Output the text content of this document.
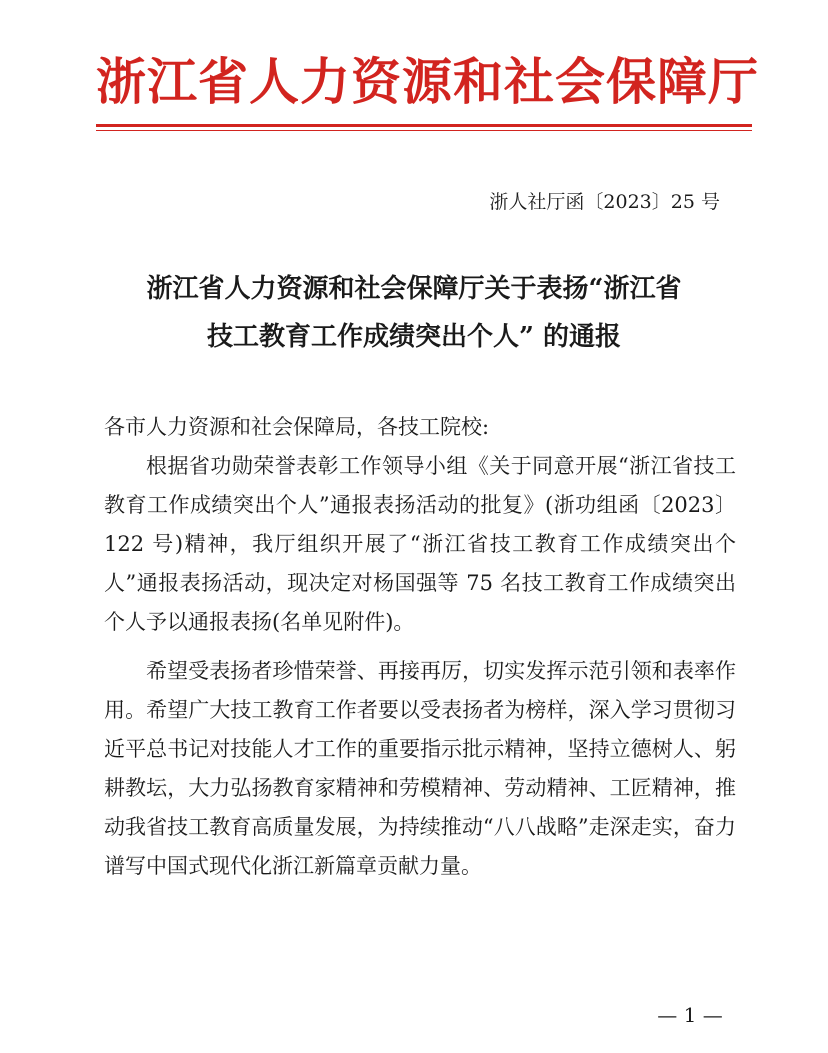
浙江省人力资源和社会保障厅
浙人社厅函〔2023〕25 号
浙江省人力资源和社会保障厅关于表扬“浙江省
技工教育工作成绩突出个人” 的通报

各市人力资源和社会保障局，各技工院校:

根据省功勋荣誉表彰工作领导小组《关于同意开展“浙江省技工教育工作成绩突出个人”通报表扬活动的批复》(浙功组函〔2023〕122 号)精神，我厅组织开展了“浙江省技工教育工作成绩突出个人”通报表扬活动，现决定对杨国强等 75 名技工教育工作成绩突出个人予以通报表扬(名单见附件)。

希望受表扬者珍惜荣誉、再接再厉，切实发挥示范引领和表率作用。希望广大技工教育工作者要以受表扬者为榜样，深入学习贯彻习近平总书记对技能人才工作的重要指示批示精神，坚持立德树人、躬耕教坛，大力弘扬教育家精神和劳模精神、劳动精神、工匠精神，推动我省技工教育高质量发展，为持续推动“八八战略”走深走实，奋力谱写中国式现代化浙江新篇章贡献力量。

— 1 —
